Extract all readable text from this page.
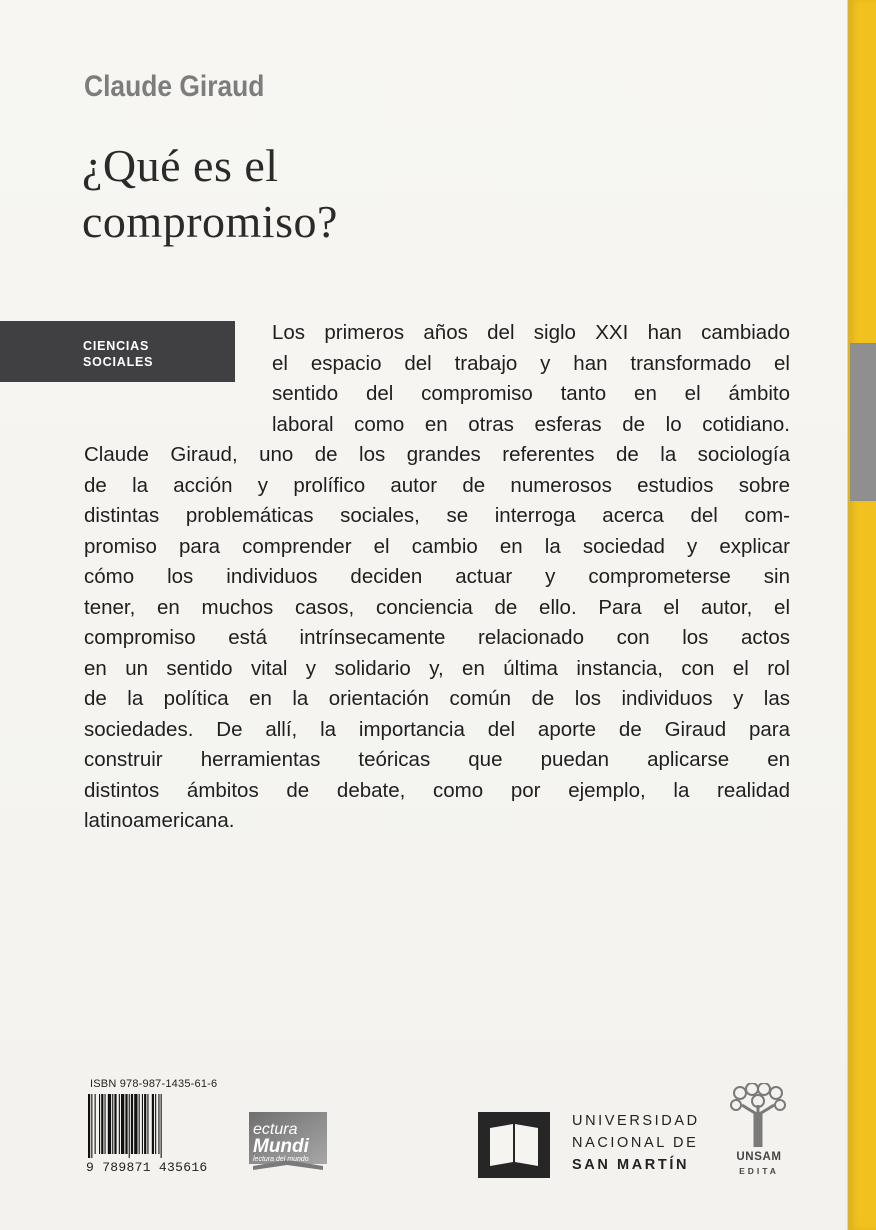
Claude Giraud
¿Qué es el
compromiso?
CIENCIAS
SOCIALES
Los primeros años del siglo XXI han cambiado
el espacio del trabajo y han transformado el
sentido del compromiso tanto en el ámbito
laboral como en otras esferas de lo cotidiano.
Claude Giraud, uno de los grandes referentes de la sociología
de la acción y prolífico autor de numerosos estudios sobre
distintas problemáticas sociales, se interroga acerca del com-
promiso para comprender el cambio en la sociedad y explicar
cómo los individuos deciden actuar y comprometerse sin
tener, en muchos casos, conciencia de ello. Para el autor, el
compromiso está intrínsecamente relacionado con los actos
en un sentido vital y solidario y, en última instancia, con el rol
de la política en la orientación común de los individuos y las
sociedades. De allí, la importancia del aporte de Giraud para
construir herramientas teóricas que puedan aplicarse en
distintos ámbitos de debate, como por ejemplo, la realidad
latinoamericana.
ISBN 978-987-1435-61-6
9 789871 435616
ectura
Mundi
lectura del mundo
UNIVERSIDAD
NACIONAL DE
SAN MARTÍN	UNSAM
EDITA
